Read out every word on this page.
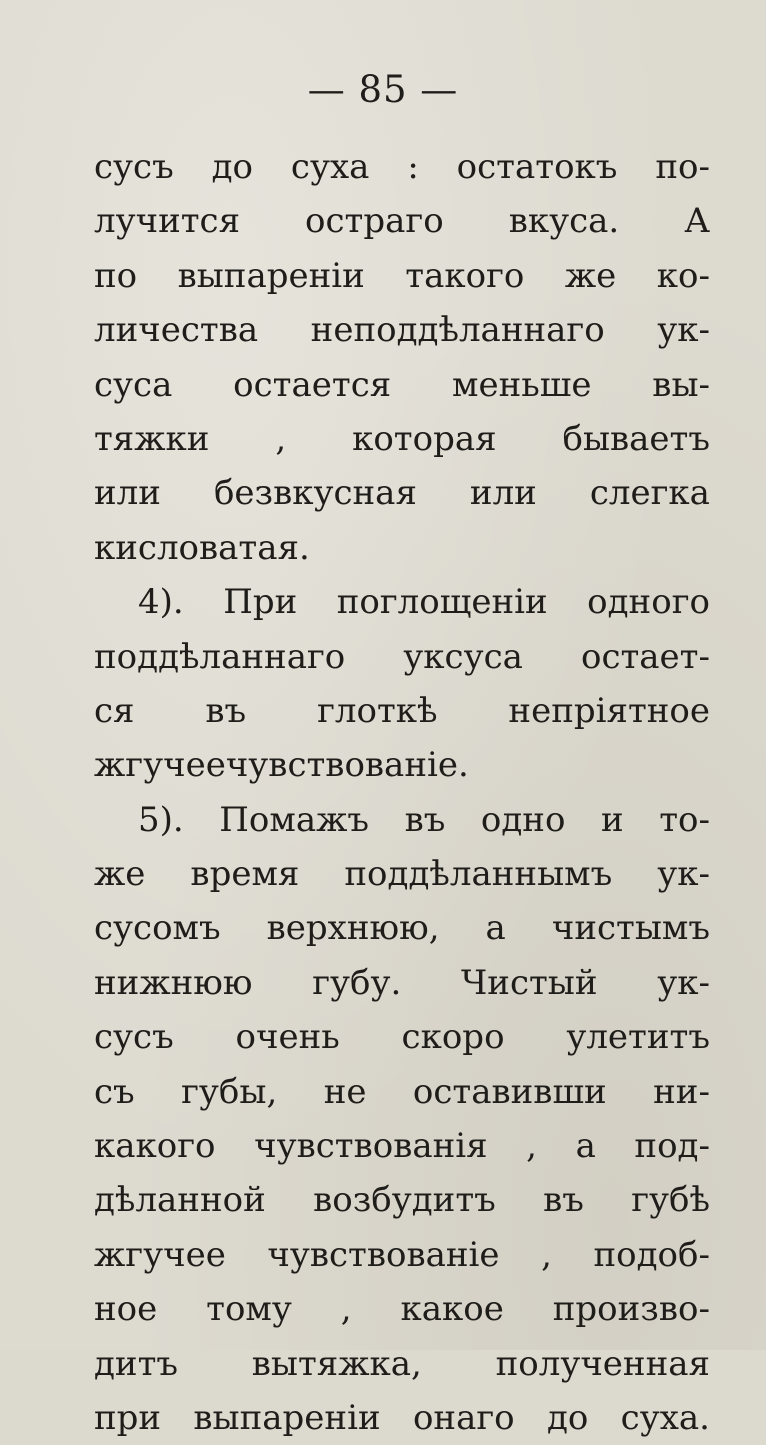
— 85 —
сусъ до суха : остатокъ по-
лучится остраго вкуса. А
по выпареніи такого же ко-
личества неподдѣланнаго ук-
суса остается меньше вы-
тяжки , которая бываетъ
или безвкусная или слегка
кисловатая.
4). При поглощеніи одного
поддѣланнаго уксуса остает-
ся въ глоткѣ непріятное
жгучее чувствованіе.
5). Помажъ въ одно и то-
же время поддѣланнымъ ук-
сусомъ верхнюю, а чистымъ
нижнюю губу. Чистый ук-
сусъ очень скоро улетитъ
съ губы, не оставивши ни-
какого чувствованія , а под-
дѣланной возбудитъ въ губѣ
жгучее чувствованіе , подоб-
ное тому , какое произво-
дитъ вытяжка, полученная
при выпареніи онаго до суха.
